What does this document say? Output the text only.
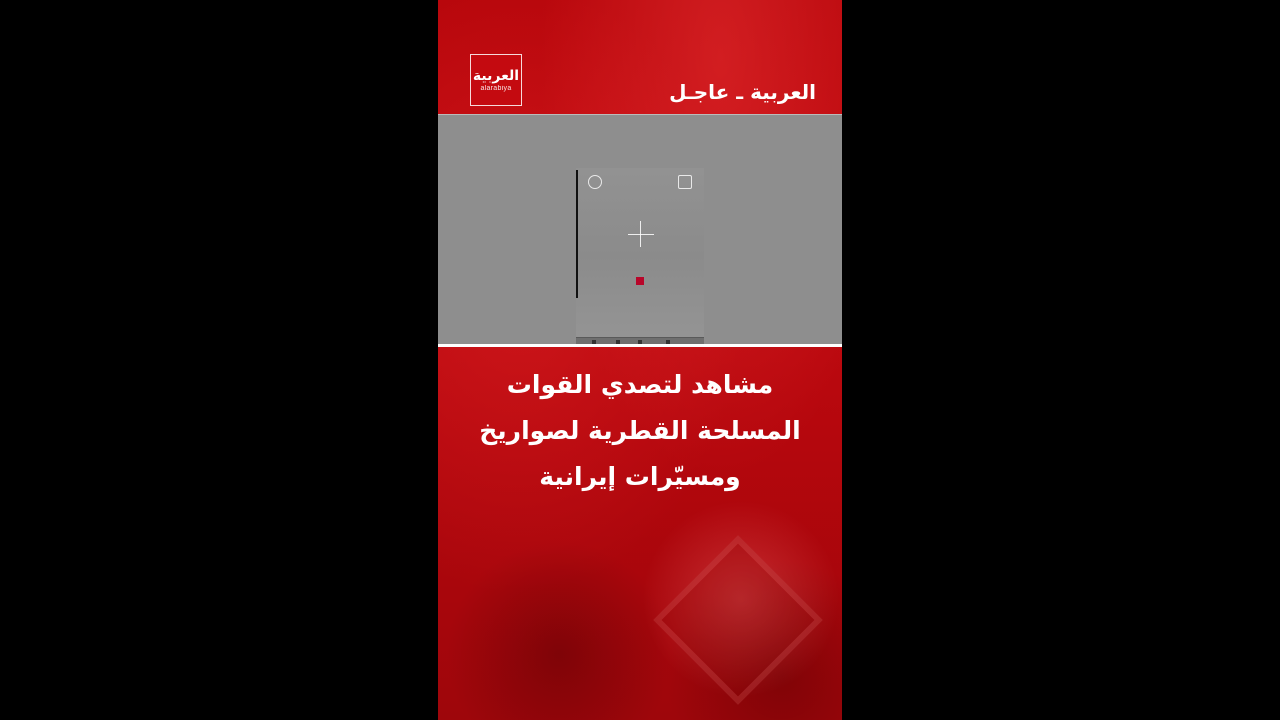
العربية
alarabiya	العربية ـ عاجـل
مشاهد لتصدي القوات
المسلحة القطرية لصواريخ
ومسيّرات إيرانية
